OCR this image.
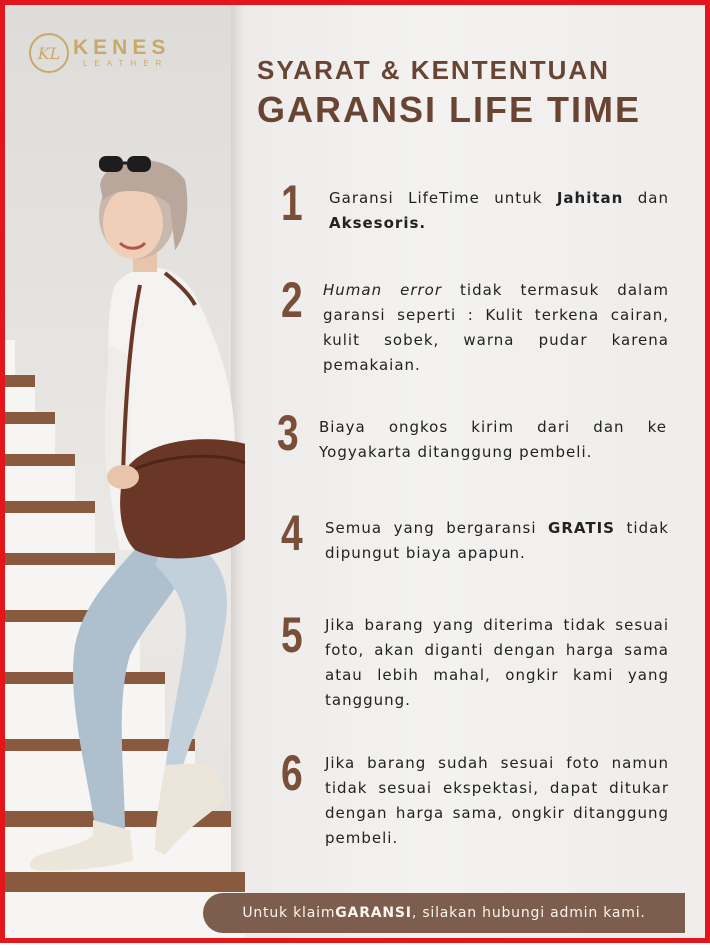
KL KENES
LEATHER	SYARAT & KENTENTUAN
GARANSI LIFE TIME
1	Garansi LifeTime untuk Jahitan dan Aksesoris.
2	Human error tidak termasuk dalam garansi seperti : Kulit terkena cairan, kulit sobek, warna pudar karena pemakaian.
3	Biaya ongkos kirim dari dan ke Yogyakarta ditanggung pembeli.
4	Semua yang bergaransi GRATIS tidak dipungut biaya apapun.
5	Jika barang yang diterima tidak sesuai foto, akan diganti dengan harga sama atau lebih mahal, ongkir kami yang tanggung.
6	Jika barang sudah sesuai foto namun tidak sesuai ekspektasi, dapat ditukar dengan harga sama, ongkir ditanggung pembeli.
Untuk klaim GARANSI , silakan hubungi admin kami.
